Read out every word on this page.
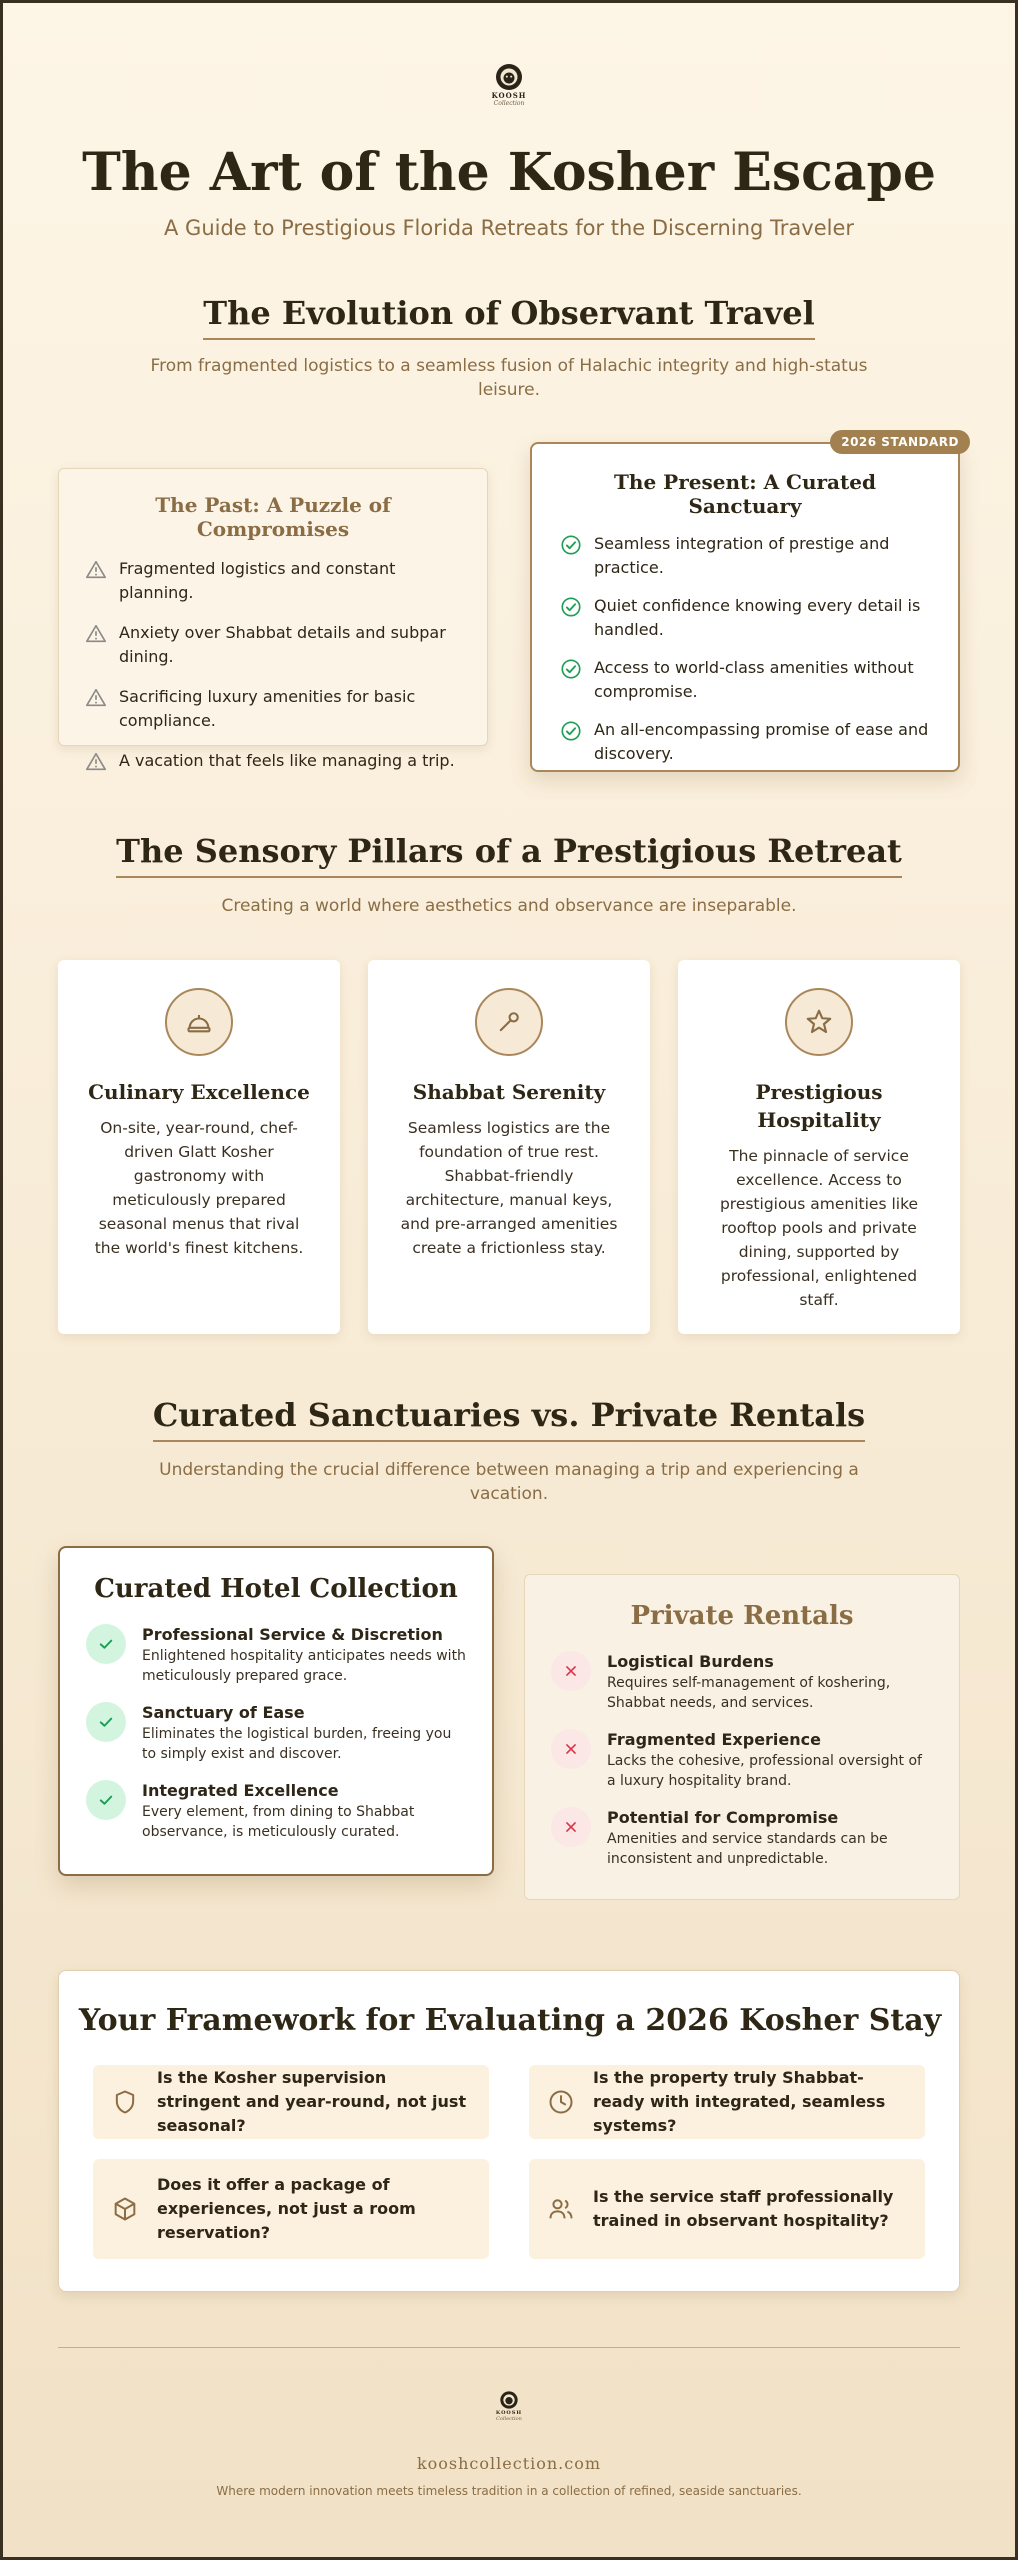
KOOSH
Collection
The Art of the Kosher Escape
A Guide to Prestigious Florida Retreats for the Discerning Traveler
The Evolution of Observant Travel
From fragmented logistics to a seamless fusion of Halachic integrity and high-status leisure.
The Past: A Puzzle of Compromises
Fragmented logistics and constant planning.
Anxiety over Shabbat details and subpar dining.
Sacrificing luxury amenities for basic compliance.
A vacation that feels like managing a trip.
2026 STANDARD
The Present: A Curated Sanctuary
Seamless integration of prestige and practice.
Quiet confidence knowing every detail is handled.
Access to world-class amenities without compromise.
An all-encompassing promise of ease and discovery.
The Sensory Pillars of a Prestigious Retreat
Creating a world where aesthetics and observance are inseparable.
Culinary Excellence
On-site, year-round, chef-driven Glatt Kosher gastronomy with meticulously prepared seasonal menus that rival the world's finest kitchens.
Shabbat Serenity
Seamless logistics are the foundation of true rest. Shabbat-friendly architecture, manual keys, and pre-arranged amenities create a frictionless stay.
Prestigious Hospitality
The pinnacle of service excellence. Access to prestigious amenities like rooftop pools and private dining, supported by professional, enlightened staff.
Curated Sanctuaries vs. Private Rentals
Understanding the crucial difference between managing a trip and experiencing a vacation.
Curated Hotel Collection
Professional Service & Discretion
Enlightened hospitality anticipates needs with meticulously prepared grace.
Sanctuary of Ease
Eliminates the logistical burden, freeing you to simply exist and discover.
Integrated Excellence
Every element, from dining to Shabbat observance, is meticulously curated.
Private Rentals
Logistical Burdens
Requires self-management of koshering, Shabbat needs, and services.
Fragmented Experience
Lacks the cohesive, professional oversight of a luxury hospitality brand.
Potential for Compromise
Amenities and service standards can be inconsistent and unpredictable.
Your Framework for Evaluating a 2026 Kosher Stay
Is the Kosher supervision stringent and year-round, not just seasonal?
Is the property truly Shabbat-ready with integrated, seamless systems?
Does it offer a package of experiences, not just a room reservation?
Is the service staff professionally trained in observant hospitality?
KOOSH
Collection
kooshcollection.com
Where modern innovation meets timeless tradition in a collection of refined, seaside sanctuaries.
